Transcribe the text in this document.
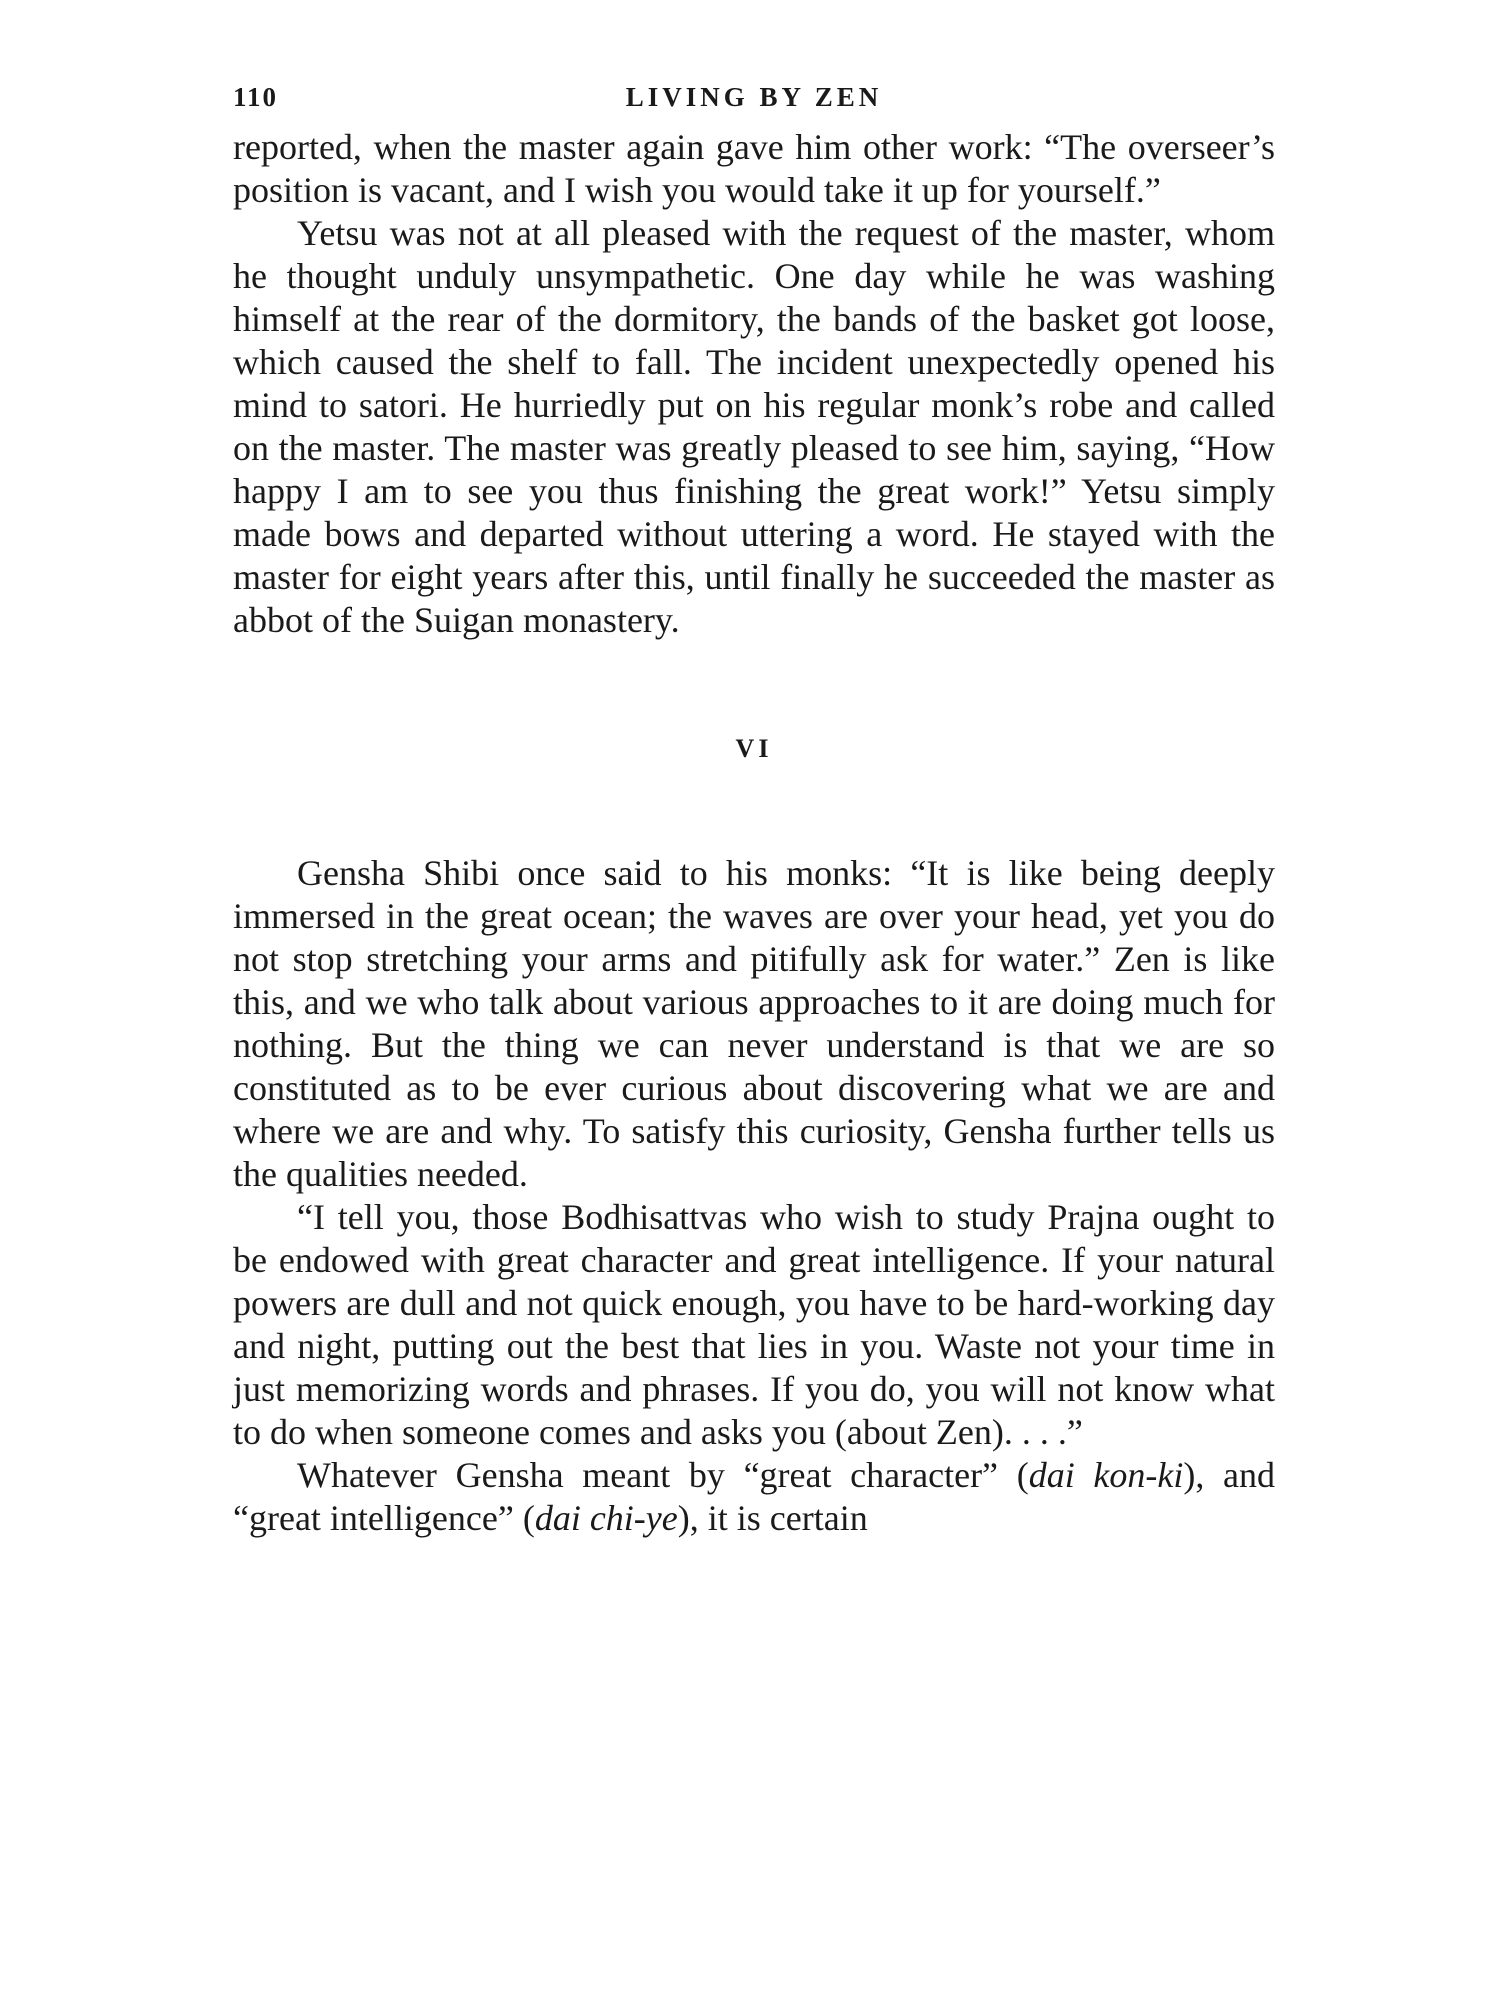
110	LIVING BY ZEN

reported, when the master again gave him other work: “The overseer’s position is vacant, and I wish you would take it up for yourself.”

Yetsu was not at all pleased with the request of the master, whom he thought unduly unsympathetic. One day while he was washing himself at the rear of the dormitory, the bands of the basket got loose, which caused the shelf to fall. The incident unexpectedly opened his mind to satori. He hurriedly put on his regular monk’s robe and called on the master. The master was greatly pleased to see him, saying, “How happy I am to see you thus finishing the great work!” Yetsu simply made bows and departed without uttering a word. He stayed with the master for eight years after this, until finally he succeeded the master as abbot of the Suigan monastery.

VI

Gensha Shibi once said to his monks: “It is like being deeply immersed in the great ocean; the waves are over your head, yet you do not stop stretching your arms and pitifully ask for water.” Zen is like this, and we who talk about various approaches to it are doing much for nothing. But the thing we can never understand is that we are so constituted as to be ever curious about discovering what we are and where we are and why. To satisfy this curiosity, Gensha further tells us the qualities needed.

“I tell you, those Bodhisattvas who wish to study Prajna ought to be endowed with great character and great intelligence. If your natural powers are dull and not quick enough, you have to be hard-working day and night, putting out the best that lies in you. Waste not your time in just memorizing words and phrases. If you do, you will not know what to do when someone comes and asks you (about Zen). . . .”

Whatever Gensha meant by “great character” (dai kon-ki), and “great intelligence” (dai chi-ye), it is certain
